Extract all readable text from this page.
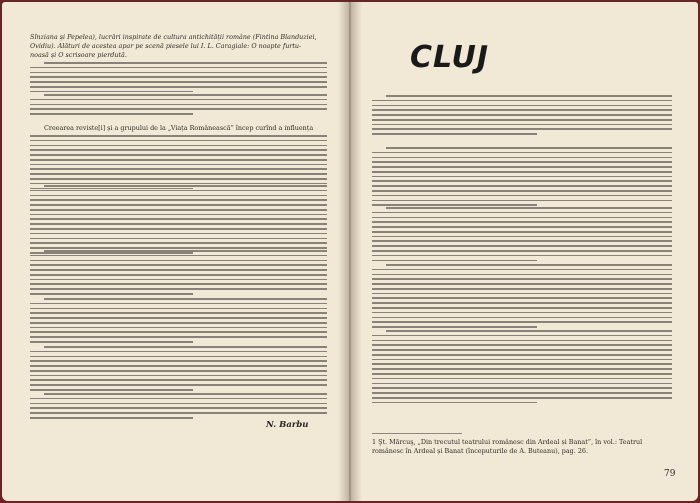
Sînziana și Pepelea), lucrări inspirate de cultura antichității române (Fintina Blanduziei,

Ovidiu). Alături de acestea apar pe scenă piesele lui I. L. Caragiale: O noapte furtu-

noasă și O scrisoare pierdută.

Creearea reviste[i] și a grupului de la „Viața Românească” încep curînd a influența

N. Barbu

CLUJ

1 Şt. Mărcuş, „Din trecutul teatrului românesc din Ardeal și Banat”, în vol.: Teatrul

românesc în Ardeal și Banat (începuturile de A. Buteanu), pag. 26.

79
